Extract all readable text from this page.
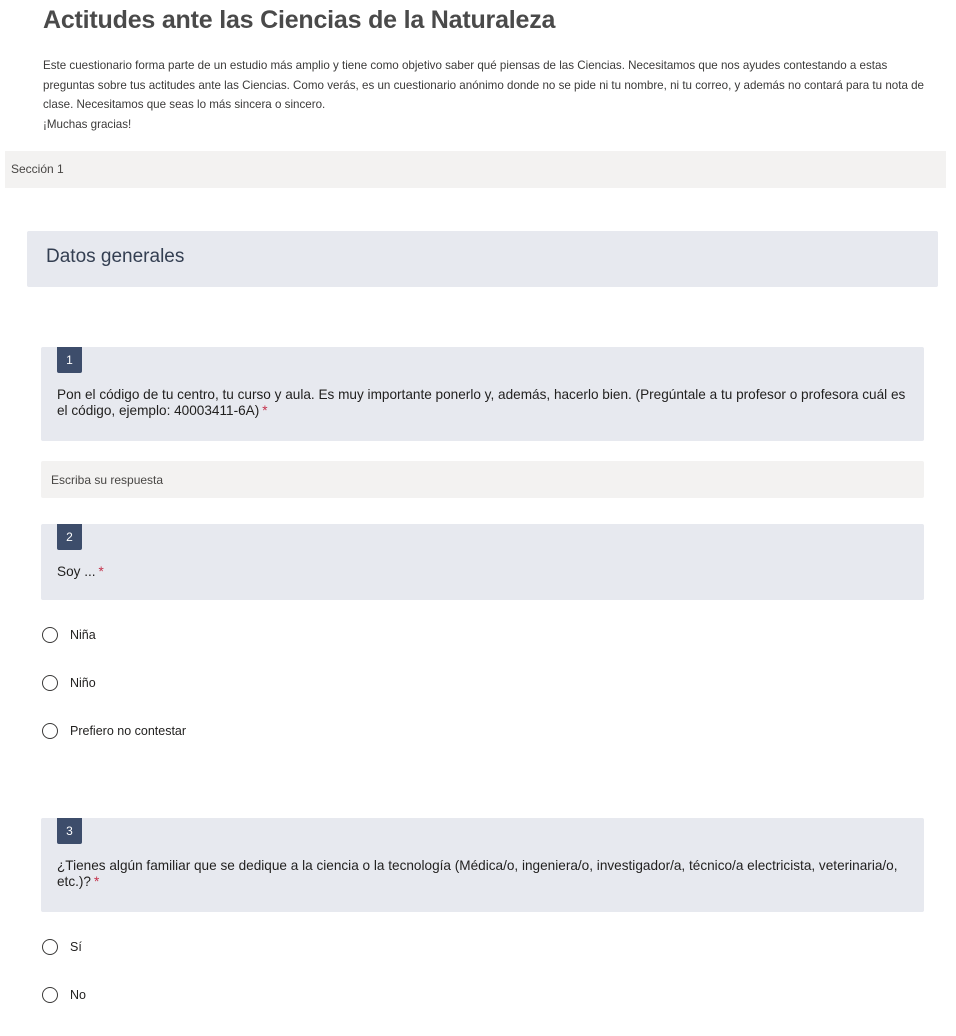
Actitudes ante las Ciencias de la Naturaleza

Este cuestionario forma parte de un estudio más amplio y tiene como objetivo saber qué piensas de las Ciencias. Necesitamos que nos ayudes contestando a estas preguntas sobre tus actitudes ante las Ciencias. Como verás, es un cuestionario anónimo donde no se pide ni tu nombre, ni tu correo, y además no contará para tu nota de clase. Necesitamos que seas lo más sincera o sincero.

¡Muchas gracias!

Sección 1
Datos generales
1
Pon el código de tu centro, tu curso y aula. Es muy importante ponerlo y, además, hacerlo bien. (Pregúntale a tu profesor o profesora cuál es el código, ejemplo: 40003411-6A) *
Escriba su respuesta
2
Soy ... *
Niña
Niño
Prefiero no contestar
3
¿Tienes algún familiar que se dedique a la ciencia o la tecnología (Médica/o, ingeniera/o, investigador/a, técnico/a electricista, veterinaria/o, etc.)? *
Sí
No
